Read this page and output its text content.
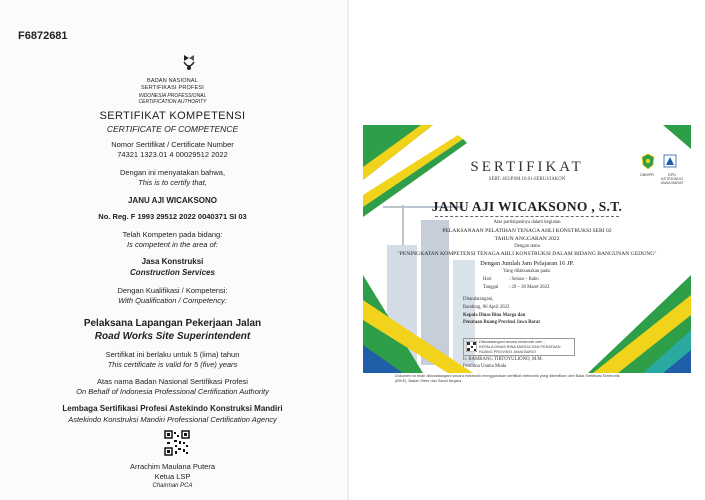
F6872681
BADAN NASIONAL
SERTIFIKASI PROFESI
INDONESIA PROFESSIONAL
CERTIFICATION AUTHORITY
SERTIFIKAT KOMPETENSI
CERTIFICATE OF COMPETENCE
Nomor Sertifikat / Certificate Number
74321 1323.01 4 00029512 2022
Dengan ini menyatakan bahwa,
This is to certify that,
JANU AJI WICAKSONO
No. Reg. F 1993 29512 2022 0040371 SI 03
Telah Kompeten pada bidang:
Is competent in the area of:
Jasa Konstruksi
Construction Services
Dengan Kualifikasi / Kompetensi:
With Qualification / Competency:
Pelaksana Lapangan Pekerjaan Jalan
Road Works Site Superintendent
Sertifikat ini berlaku untuk 5 (lima) tahun
This certificate is valid for 5 (five) years
Atas nama Badan Nasional Sertifikasi Profesi
On Behalf of Indonesia Professional Certification Authority
Lembaga Sertifikasi Profesi Astekindo Konstruksi Mandiri
Astekindo Konstruksi Mandiri Professional Certification Agency
Arrachim Maulana Putera
Ketua LSP
Chairman PCA
DBMPR	DPD ASTEKINDO JAWA BARAT
SERTIFIKAT
SERT. 463/PSM.16.01-SERUJ/JAKON
JANU AJI WICAKSONO , S.T.
Atas partisipasinya dalam kegiatan
PELAKSANAAN PELATIHAN TENAGA AHLI KONSTRUKSI SERI 02
TAHUN ANGGARAN 2022
Dengan tema
"PENINGKATAN KOMPETENSI TENAGA AHLI KONSTRUKSI DALAM BIDANG BANGUNAN GEDUNG"
Dengan Jumlah Jam Pelajaran 16 JP.
Yang dilaksanakan pada:
Hari	: Selasa – Rabu
Tanggal : 29 – 30 Maret 2022
Ditandatangani,
Bandung, 06 April 2022
Kepala Dinas Bina Marga dan
Penataan Ruang Provinsi Jawa Barat
Ditandatangani secara elektronik oleh :
KEPALA DINAS BINA MARGA DAN PENATAAN
RUANG PROVINSI JAWA BARAT
Ir. BAMBANG TIRTOYULIONO, M.M.
Pembina Utama Muda
Dokumen ini telah ditandatangani secara elektronik menggunakan sertifikat elektronik yang diterbitkan oleh Balai Sertifikasi Elektronik (BSrE), Badan Siber dan Sandi Negara
